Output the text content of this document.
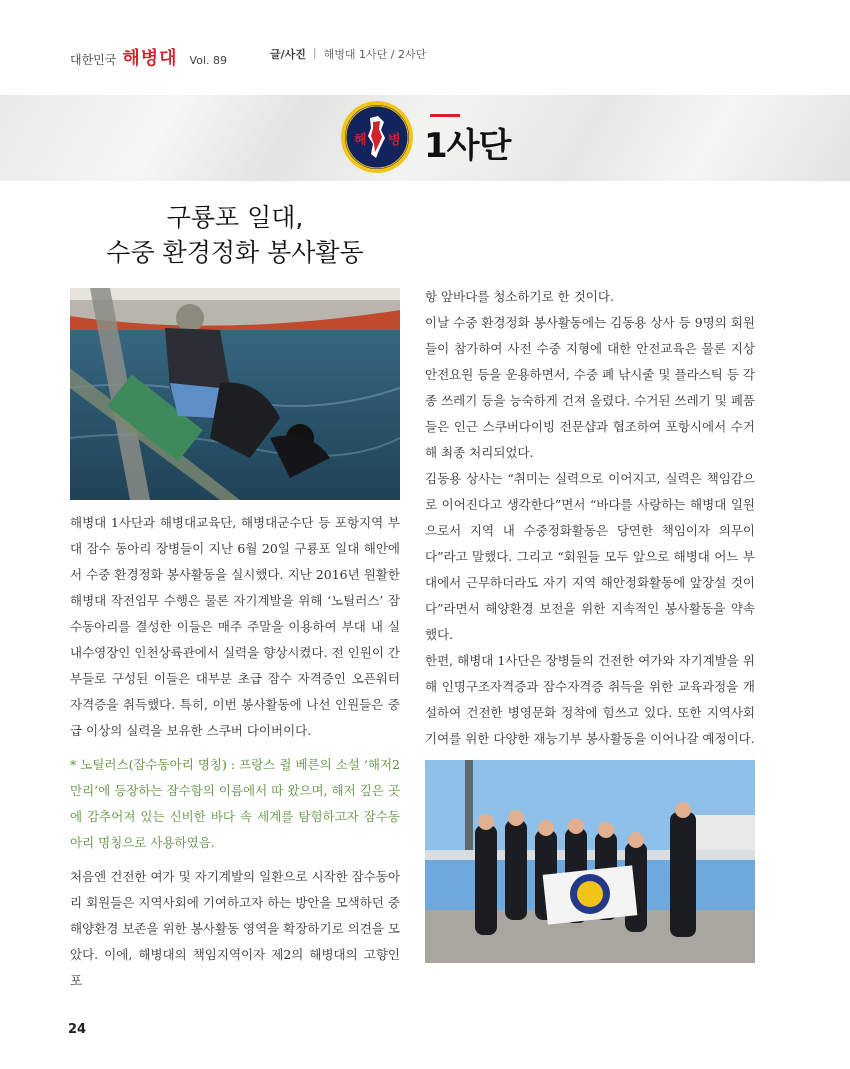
대한민국 해병대 Vol. 89	글/사진 | 해병대 1사단 / 2사단
해 병 1사단
구룡포 일대,
수중 환경정화 봉사활동

해병대 1사단과 해병대교육단, 해병대군수단 등 포항지역 부대 잠수 동아리 장병들이 지난 6월 20일 구룡포 일대 해안에서 수중 환경정화 봉사활동을 실시했다. 지난 2016년 원활한 해병대 작전임무 수행은 물론 자기계발을 위해 ‘노틸러스’ 잠수동아리를 결성한 이들은 매주 주말을 이용하여 부대 내 실내수영장인 인천상륙관에서 실력을 향상시켰다. 전 인원이 간부들로 구성된 이들은 대부분 초급 잠수 자격증인 오픈워터 자격증을 취득했다. 특히, 이번 봉사활동에 나선 인원들은 중급 이상의 실력을 보유한 스쿠버 다이버이다.

* 노틸러스(잠수동아리 명칭) : 프랑스 쥘 베른의 소설 ‘해저2만리’에 등장하는 잠수함의 이름에서 따 왔으며, 해저 깊은 곳에 감추어져 있는 신비한 바다 속 세계를 탐험하고자 잠수동아리 명칭으로 사용하였음.

처음엔 건전한 여가 및 자기계발의 일환으로 시작한 잠수동아리 회원들은 지역사회에 기여하고자 하는 방안을 모색하던 중 해양환경 보존을 위한 봉사활동 영역을 확장하기로 의견을 모았다. 이에, 해병대의 책임지역이자 제2의 해병대의 고향인 포

항 앞바다를 청소하기로 한 것이다.

이날 수중 환경정화 봉사활동에는 김동용 상사 등 9명의 회원들이 참가하여 사전 수중 지형에 대한 안전교육은 물론 지상 안전요원 등을 운용하면서, 수중 폐 낚시줄 및 플라스틱 등 각종 쓰레기 등을 능숙하게 건져 올렸다. 수거된 쓰레기 및 폐품들은 인근 스쿠버다이빙 전문샵과 협조하여 포항시에서 수거해 최종 처리되었다.

김동용 상사는 “취미는 실력으로 이어지고, 실력은 책임감으로 이어진다고 생각한다”면서 “바다를 사랑하는 해병대 일원으로서 지역 내 수중정화활동은 당연한 책임이자 의무이다”라고 말했다. 그리고 “회원들 모두 앞으로 해병대 어느 부대에서 근무하더라도 자기 지역 해안정화활동에 앞장설 것이다”라면서 해양환경 보전을 위한 지속적인 봉사활동을 약속했다.

한편, 해병대 1사단은 장병들의 건전한 여가와 자기계발을 위해 인명구조자격증과 잠수자격증 취득을 위한 교육과정을 개설하여 건전한 병영문화 정착에 힘쓰고 있다. 또한 지역사회 기여를 위한 다양한 재능기부 봉사활동을 이어나갈 예정이다.

24
